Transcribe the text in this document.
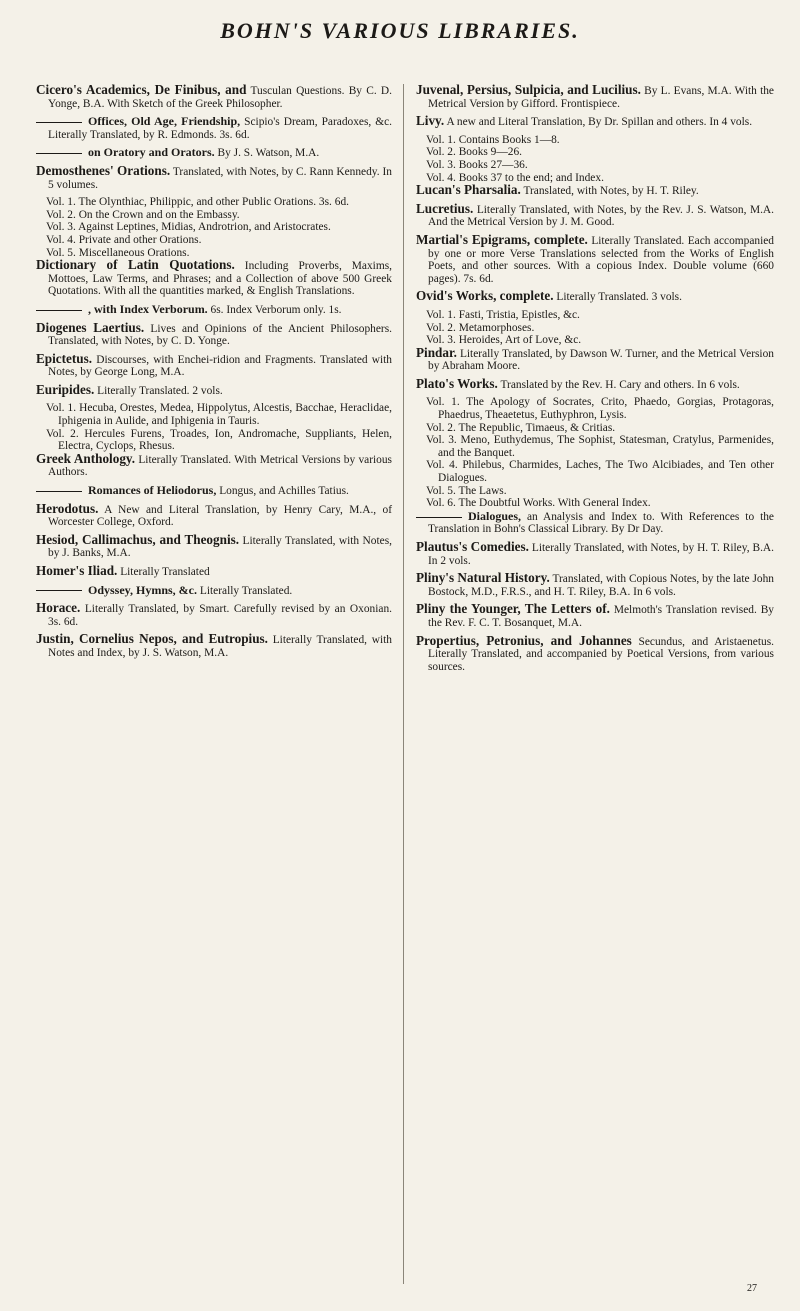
BOHN'S VARIOUS LIBRARIES.

Cicero's Academics, De Finibus, and Tusculan Questions. By C. D. Yonge, B.A. With Sketch of the Greek Philosopher.

Offices, Old Age, Friendship, Scipio's Dream, Paradoxes, &c. Literally Translated, by R. Edmonds. 3s. 6d.

on Oratory and Orators. By J. S. Watson, M.A.

Demosthenes' Orations. Translated, with Notes, by C. Rann Kennedy. In 5 volumes.

Vol. 1. The Olynthiac, Philippic, and other Public Orations. 3s. 6d.

Vol. 2. On the Crown and on the Embassy.

Vol. 3. Against Leptines, Midias, Androtrion, and Aristocrates.

Vol. 4. Private and other Orations.

Vol. 5. Miscellaneous Orations.

Dictionary of Latin Quotations. Including Proverbs, Maxims, Mottoes, Law Terms, and Phrases; and a Collection of above 500 Greek Quotations. With all the quantities marked, & English Translations.

, with Index Verborum. 6s. Index Verborum only. 1s.

Diogenes Laertius. Lives and Opinions of the Ancient Philosophers. Translated, with Notes, by C. D. Yonge.

Epictetus. Discourses, with Enchei-ridion and Fragments. Translated with Notes, by George Long, M.A.

Euripides. Literally Translated. 2 vols.

Vol. 1. Hecuba, Orestes, Medea, Hippolytus, Alcestis, Bacchae, Heraclidae, Iphigenia in Aulide, and Iphigenia in Tauris.

Vol. 2. Hercules Furens, Troades, Ion, Andromache, Suppliants, Helen, Electra, Cyclops, Rhesus.

Greek Anthology. Literally Translated. With Metrical Versions by various Authors.

Romances of Heliodorus, Longus, and Achilles Tatius.

Herodotus. A New and Literal Translation, by Henry Cary, M.A., of Worcester College, Oxford.

Hesiod, Callimachus, and Theognis. Literally Translated, with Notes, by J. Banks, M.A.

Homer's Iliad. Literally Translated

Odyssey, Hymns, &c. Literally Translated.

Horace. Literally Translated, by Smart. Carefully revised by an Oxonian. 3s. 6d.

Justin, Cornelius Nepos, and Eutropius. Literally Translated, with Notes and Index, by J. S. Watson, M.A.

Juvenal, Persius, Sulpicia, and Lucilius. By L. Evans, M.A. With the Metrical Version by Gifford. Frontispiece.

Livy. A new and Literal Translation, By Dr. Spillan and others. In 4 vols.

Vol. 1. Contains Books 1—8.

Vol. 2. Books 9—26.

Vol. 3. Books 27—36.

Vol. 4. Books 37 to the end; and Index.

Lucan's Pharsalia. Translated, with Notes, by H. T. Riley.

Lucretius. Literally Translated, with Notes, by the Rev. J. S. Watson, M.A. And the Metrical Version by J. M. Good.

Martial's Epigrams, complete. Literally Translated. Each accompanied by one or more Verse Translations selected from the Works of English Poets, and other sources. With a copious Index. Double volume (660 pages). 7s. 6d.

Ovid's Works, complete. Literally Translated. 3 vols.

Vol. 1. Fasti, Tristia, Epistles, &c.

Vol. 2. Metamorphoses.

Vol. 3. Heroides, Art of Love, &c.

Pindar. Literally Translated, by Dawson W. Turner, and the Metrical Version by Abraham Moore.

Plato's Works. Translated by the Rev. H. Cary and others. In 6 vols.

Vol. 1. The Apology of Socrates, Crito, Phaedo, Gorgias, Protagoras, Phaedrus, Theaetetus, Euthyphron, Lysis.

Vol. 2. The Republic, Timaeus, & Critias.

Vol. 3. Meno, Euthydemus, The Sophist, Statesman, Cratylus, Parmenides, and the Banquet.

Vol. 4. Philebus, Charmides, Laches, The Two Alcibiades, and Ten other Dialogues.

Vol. 5. The Laws.

Vol. 6. The Doubtful Works. With General Index.

Dialogues, an Analysis and Index to. With References to the Translation in Bohn's Classical Library. By Dr Day.

Plautus's Comedies. Literally Translated, with Notes, by H. T. Riley, B.A. In 2 vols.

Pliny's Natural History. Translated, with Copious Notes, by the late John Bostock, M.D., F.R.S., and H. T. Riley, B.A. In 6 vols.

Pliny the Younger, The Letters of. Melmoth's Translation revised. By the Rev. F. C. T. Bosanquet, M.A.

Propertius, Petronius, and Johannes Secundus, and Aristaenetus. Literally Translated, and accompanied by Poetical Versions, from various sources.

27
